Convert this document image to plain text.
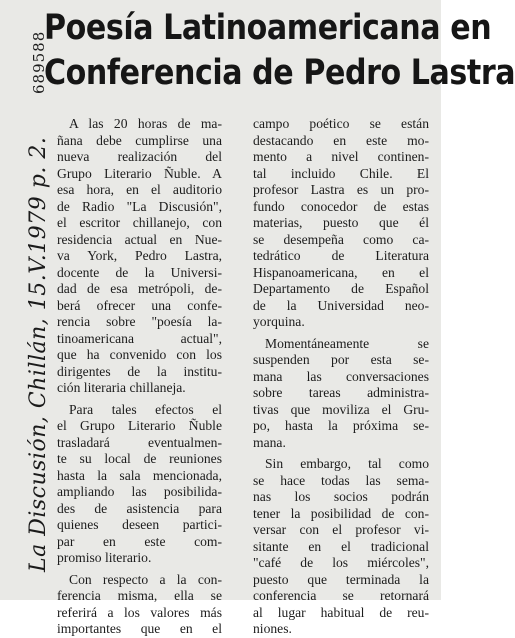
Poesía Latinoamericana en
Conferencia de Pedro Lastra
La Discusión, Chillán, 15.V.1979 p. 2.
689588
A las 20 horas de ma-
ñana debe cumplirse una
nueva realización del
Grupo Literario Ñuble. A
esa hora, en el auditorio
de Radio "La Discusión",
el escritor chillanejo, con
residencia actual en Nue-
va York, Pedro Lastra,
docente de la Universi-
dad de esa metrópoli, de-
berá ofrecer una confe-
rencia sobre "poesía la-
tinoamericana actual",
que ha convenido con los
dirigentes de la institu-
ción literaria chillaneja.
Para tales efectos el
el Grupo Literario Ñuble
trasladará eventualmen-
te su local de reuniones
hasta la sala mencionada,
ampliando las posibilida-
des de asistencia para
quienes deseen partici-
par en este com-
promiso literario.
Con respecto a la con-
ferencia misma, ella se
referirá a los valores más
importantes que en el
campo poético se están
destacando en este mo-
mento a nivel continen-
tal incluido Chile. El
profesor Lastra es un pro-
fundo conocedor de estas
materias, puesto que él
se desempeña como ca-
tedrático de Literatura
Hispanoamericana, en el
Departamento de Español
de la Universidad neo-
yorquina.
Momentáneamente se
suspenden por esta se-
mana las conversaciones
sobre tareas administra-
tivas que moviliza el Gru-
po, hasta la próxima se-
mana.
Sin embargo, tal como
se hace todas las sema-
nas los socios podrán
tener la posibilidad de con-
versar con el profesor vi-
sitante en el tradicional
"café de los miércoles",
puesto que terminada la
conferencia se retornará
al lugar habitual de reu-
niones.
